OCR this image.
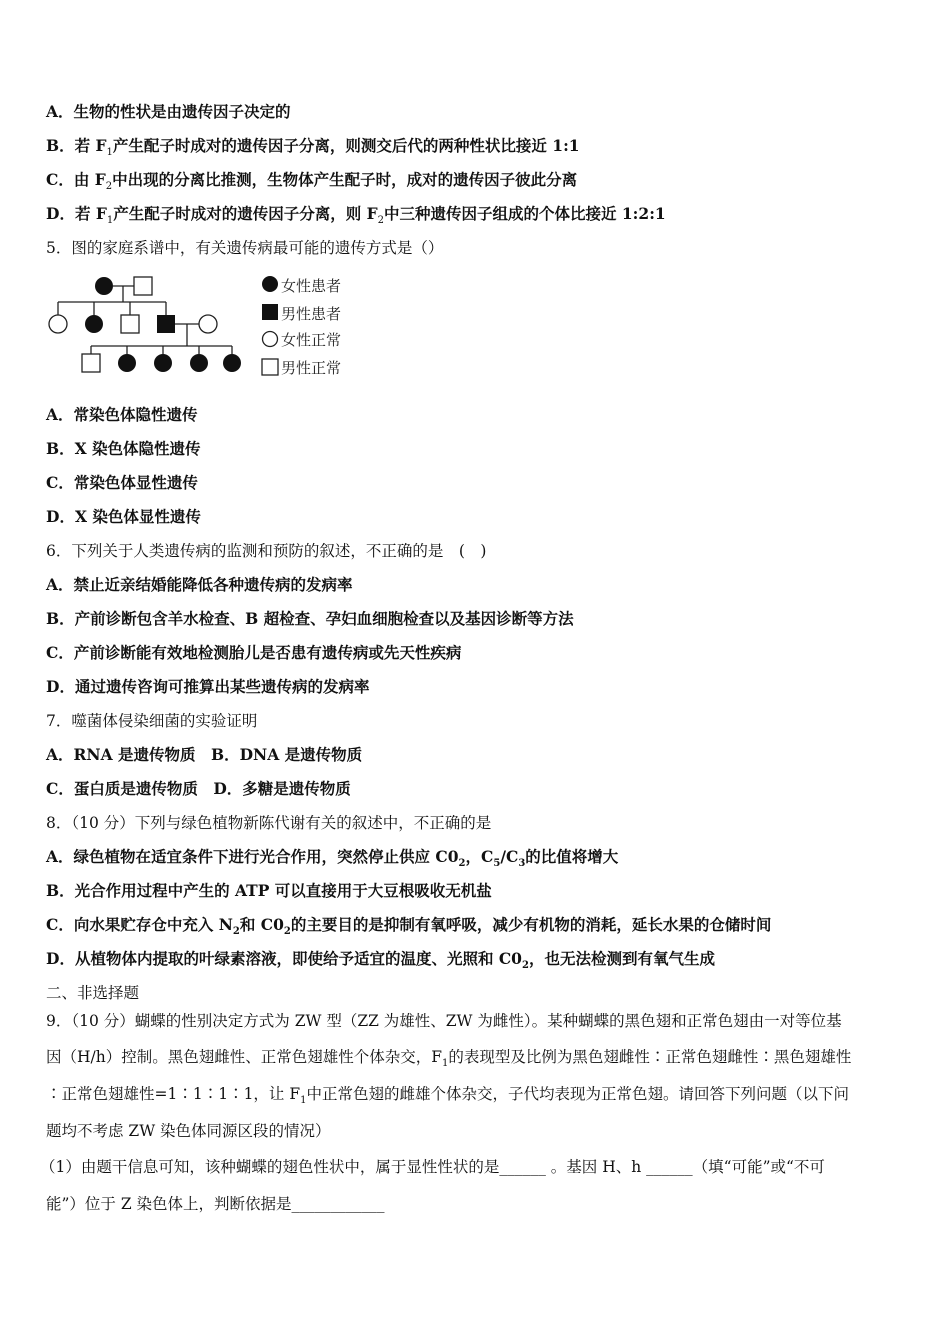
A．生物的性状是由遗传因子决定的
B．若 $F_1$产生配子时成对的遗传因子分离，则测交后代的两种性状比接近 1:1
C．由 $F_2$中出现的分离比推测，生物体产生配子时，成对的遗传因子彼此分离
D．若 $F_1$产生配子时成对的遗传因子分离，则 $F_2$中三种遗传因子组成的个体比接近 1:2:1
5．图的家庭系谱中，有关遗传病最可能的遗传方式是（）
女性患者
男性患者
女性正常
男性正常
A．常染色体隐性遗传
B．X 染色体隐性遗传
C．常染色体显性遗传
D．X 染色体显性遗传
6．下列关于人类遗传病的监测和预防的叙述，不正确的是　(　)
A．禁止近亲结婚能降低各种遗传病的发病率
B．产前诊断包含羊水检查、B 超检查、孕妇血细胞检查以及基因诊断等方法
C．产前诊断能有效地检测胎儿是否患有遗传病或先天性疾病
D．通过遗传咨询可推算出某些遗传病的发病率
7．噬菌体侵染细菌的实验证明
A．RNA 是遗传物质　B．DNA 是遗传物质
C．蛋白质是遗传物质　D．多糖是遗传物质
8．（10 分）下列与绿色植物新陈代谢有关的叙述中，不正确的是
A．绿色植物在适宜条件下进行光合作用，突然停止供应 $C0_2$，$C_5/C_3$的比值将增大
B．光合作用过程中产生的 ATP 可以直接用于大豆根吸收无机盐
C．向水果贮存仓中充入 $N_2$和 $C0_2$的主要目的是抑制有氧呼吸，减少有机物的消耗，延长水果的仓储时间
D．从植物体内提取的叶绿素溶液，即使给予适宜的温度、光照和 $C0_2$，也无法检测到有氧气生成
二、非选择题
9．（10 分）蝴蝶的性别决定方式为 ZW 型（ZZ 为雄性、ZW 为雌性）。某种蝴蝶的黑色翅和正常色翅由一对等位基
因（H/h）控制。黑色翅雌性、正常色翅雄性个体杂交，$F_1$的表现型及比例为黑色翅雌性∶正常色翅雌性∶黑色翅雄性
∶正常色翅雄性=1∶1∶1∶1，让 $F_1$中正常色翅的雌雄个体杂交，子代均表现为正常色翅。请回答下列问题（以下问
题均不考虑 ZW 染色体同源区段的情况）
（1）由题干信息可知，该种蝴蝶的翅色性状中，属于显性性状的是______ 。基因 H、h ______（填“可能”或“不可
能”）位于 Z 染色体上，判断依据是____________
